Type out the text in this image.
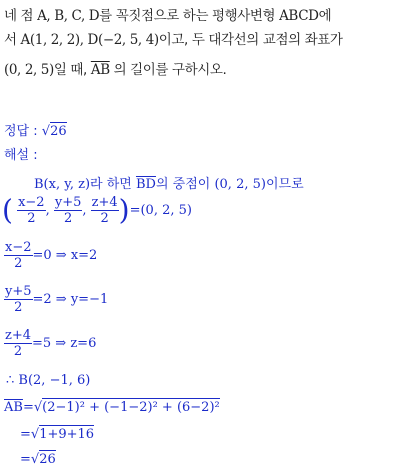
네 점 A, B, C, D를 꼭짓점으로 하는 평행사변형 ABCD에
서 A(1, 2, 2), D(−2, 5, 4)이고, 두 대각선의 교점의 좌표가
(0, 2, 5)일 때, $\overline{AB}$ 의 길이를 구하시오.
정답 : √26
해설 :
B(x, y, z)라 하면 $\overline{BD}$의 중점이 (0, 2, 5)이므로
( $\frac{x-2}{2}$ , $\frac{y+5}{2}$ , $\frac{z+4}{2} )=(0$, 2, 5)
$\frac{x-2}{2} =0$ ⇒ x=2
$\frac{y+5}{2} =2$ ⇒ y=−1
$\frac{z+4}{2} =5$ ⇒ z=6
∴ B(2, −1, 6)
$\overline{AB}=√(2-1)^2 + (-1-2)^2 + (6-2)^2$
=√1+9+16
=√26
